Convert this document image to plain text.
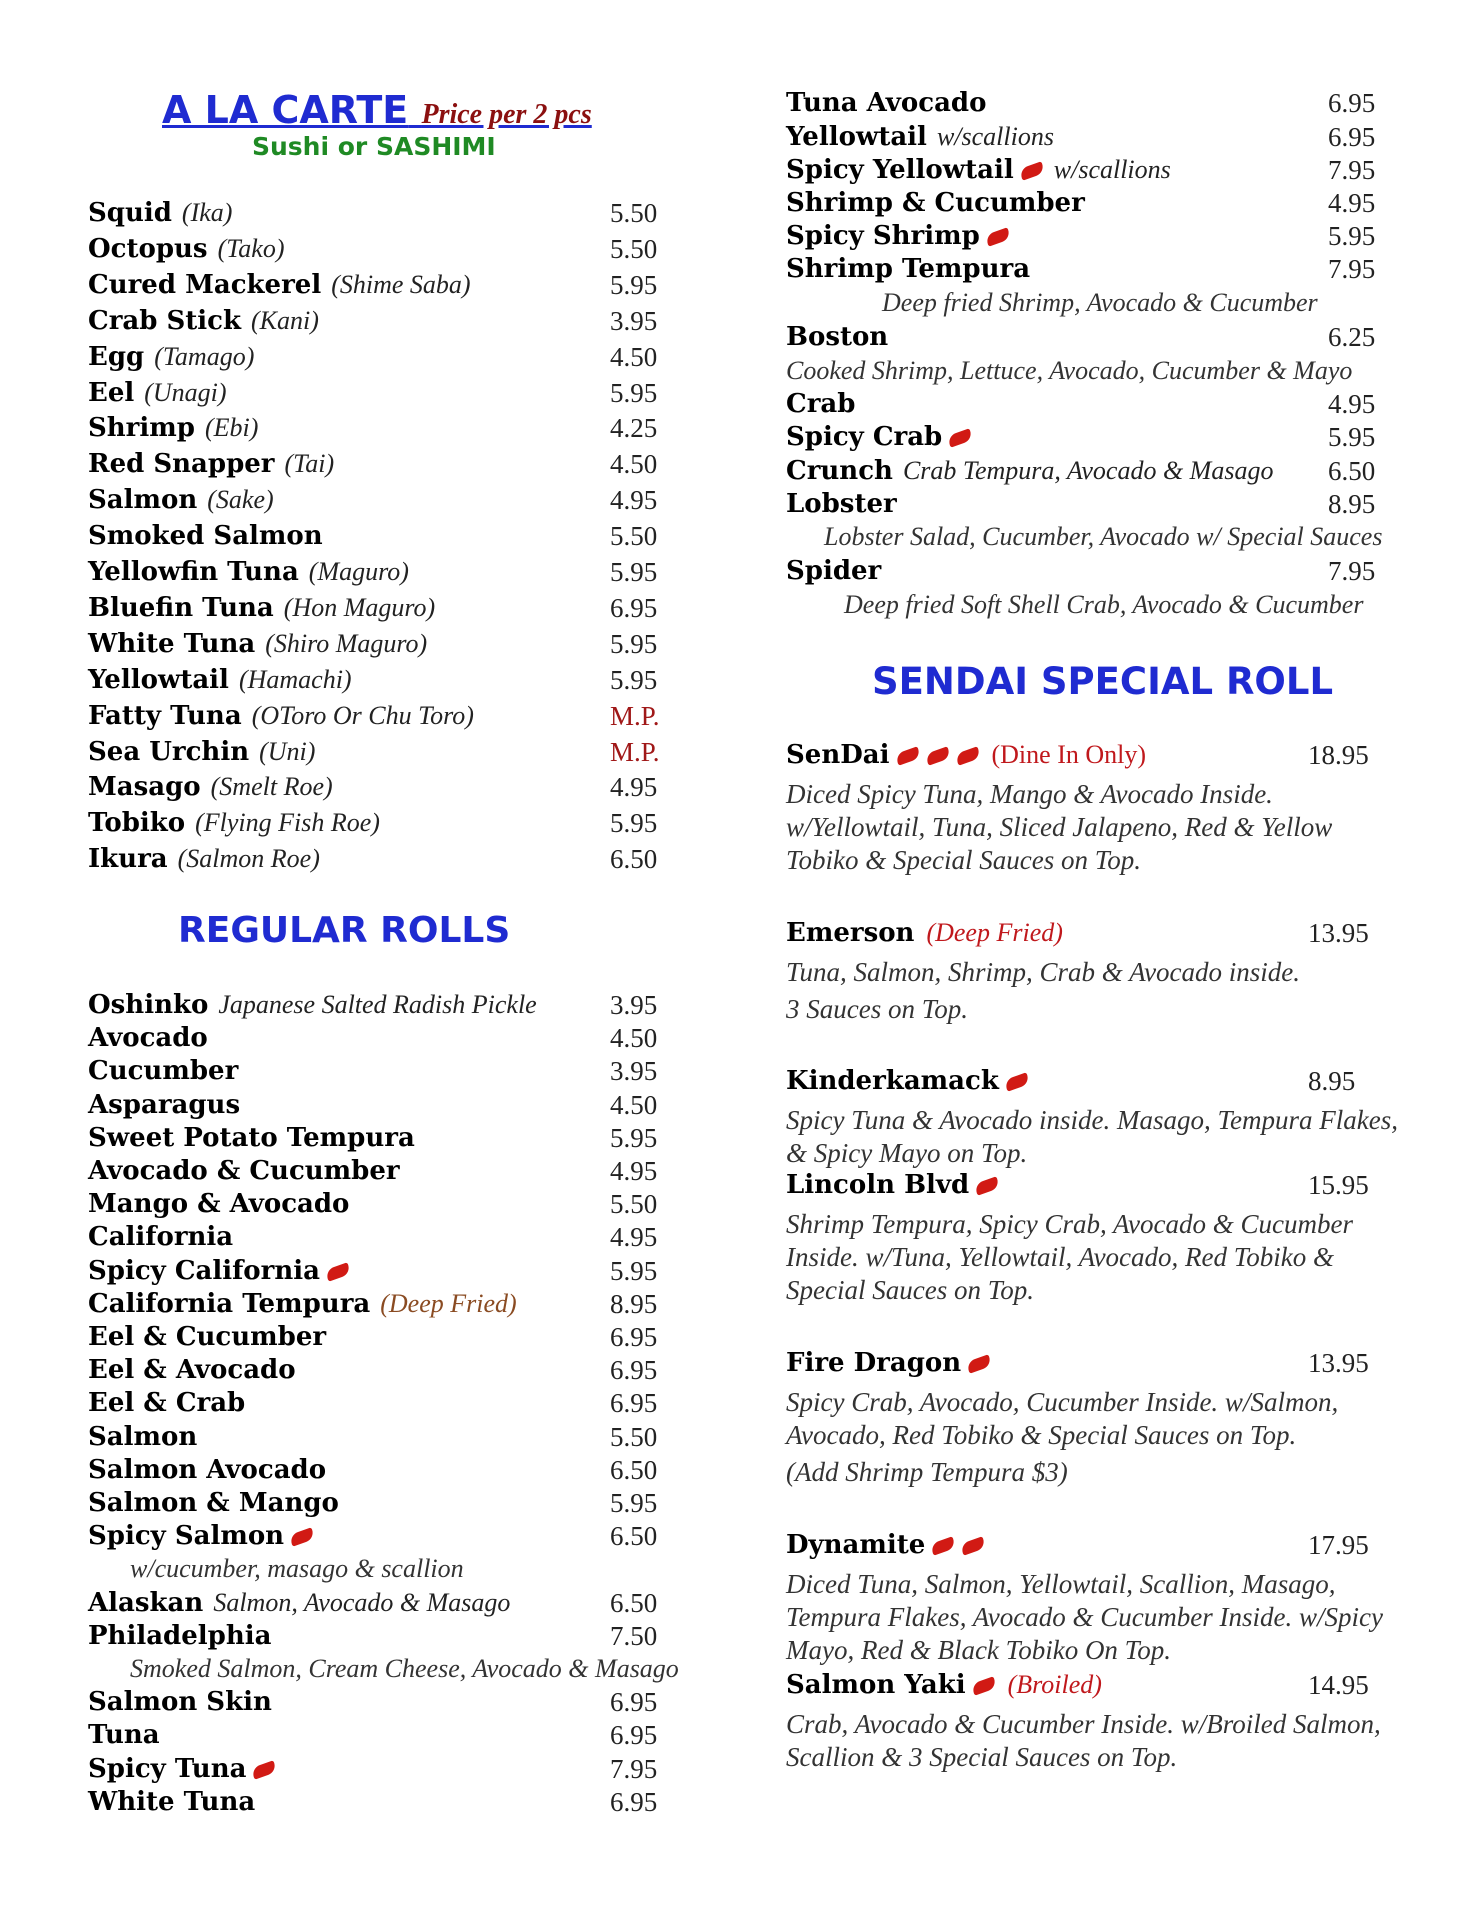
A LA CARTE Price per 2 pcs
Sushi or SASHIMI
Squid (Ika)	5.50
Octopus (Tako)	5.50
Cured Mackerel (Shime Saba)	5.95
Crab Stick (Kani)	3.95
Egg (Tamago)	4.50
Eel (Unagi)	5.95
Shrimp (Ebi)	4.25
Red Snapper (Tai)	4.50
Salmon (Sake)	4.95
Smoked Salmon	5.50
Yellowfin Tuna (Maguro)	5.95
Bluefin Tuna (Hon Maguro)	6.95
White Tuna (Shiro Maguro)	5.95
Yellowtail (Hamachi)	5.95
Fatty Tuna (OToro Or Chu Toro)	M.P.
Sea Urchin (Uni)	M.P.
Masago (Smelt Roe)	4.95
Tobiko (Flying Fish Roe)	5.95
Ikura (Salmon Roe)	6.50
REGULAR ROLLS
Oshinko Japanese Salted Radish Pickle	3.95
Avocado	4.50
Cucumber	3.95
Asparagus	4.50
Sweet Potato Tempura	5.95
Avocado & Cucumber	4.95
Mango & Avocado	5.50
California	4.95
Spicy California	5.95
California Tempura (Deep Fried)	8.95
Eel & Cucumber	6.95
Eel & Avocado	6.95
Eel & Crab	6.95
Salmon	5.50
Salmon Avocado	6.50
Salmon & Mango	5.95
Spicy Salmon	6.50
w/cucumber, masago & scallion
Alaskan Salmon, Avocado & Masago	6.50
Philadelphia	7.50
Smoked Salmon, Cream Cheese, Avocado & Masago
Salmon Skin	6.95
Tuna	6.95
Spicy Tuna	7.95
White Tuna	6.95
Tuna Avocado	6.95
Yellowtail w/scallions	6.95
Spicy Yellowtail w/scallions	7.95
Shrimp & Cucumber	4.95
Spicy Shrimp	5.95
Shrimp Tempura	7.95
Deep fried Shrimp, Avocado & Cucumber
Boston	6.25
Cooked Shrimp, Lettuce, Avocado, Cucumber & Mayo
Crab	4.95
Spicy Crab	5.95
Crunch Crab Tempura, Avocado & Masago 6.50
Lobster	8.95
Lobster Salad, Cucumber, Avocado w/ Special Sauces
Spider	7.95
Deep fried Soft Shell Crab, Avocado & Cucumber
SENDAI SPECIAL ROLL
SenDai	(Dine In Only)	18.95
Diced Spicy Tuna, Mango & Avocado Inside. w/Yellowtail, Tuna, Sliced Jalapeno, Red & Yellow Tobiko & Special Sauces on Top.
Emerson (Deep Fried)	13.95
Tuna, Salmon, Shrimp, Crab & Avocado inside.
3 Sauces on Top.
Kinderkamack	8.95
Spicy Tuna & Avocado inside. Masago, Tempura Flakes, & Spicy Mayo on Top.
Lincoln Blvd	15.95
Shrimp Tempura, Spicy Crab, Avocado & Cucumber Inside. w/Tuna, Yellowtail, Avocado, Red Tobiko & Special Sauces on Top.
Fire Dragon	13.95
Spicy Crab, Avocado, Cucumber Inside. w/Salmon, Avocado, Red Tobiko & Special Sauces on Top.
(Add Shrimp Tempura $3)
Dynamite	17.95
Diced Tuna, Salmon, Yellowtail, Scallion, Masago, Tempura Flakes, Avocado & Cucumber Inside. w/Spicy Mayo, Red & Black Tobiko On Top.
Salmon Yaki (Broiled)	14.95
Crab, Avocado & Cucumber Inside. w/Broiled Salmon, Scallion & 3 Special Sauces on Top.
